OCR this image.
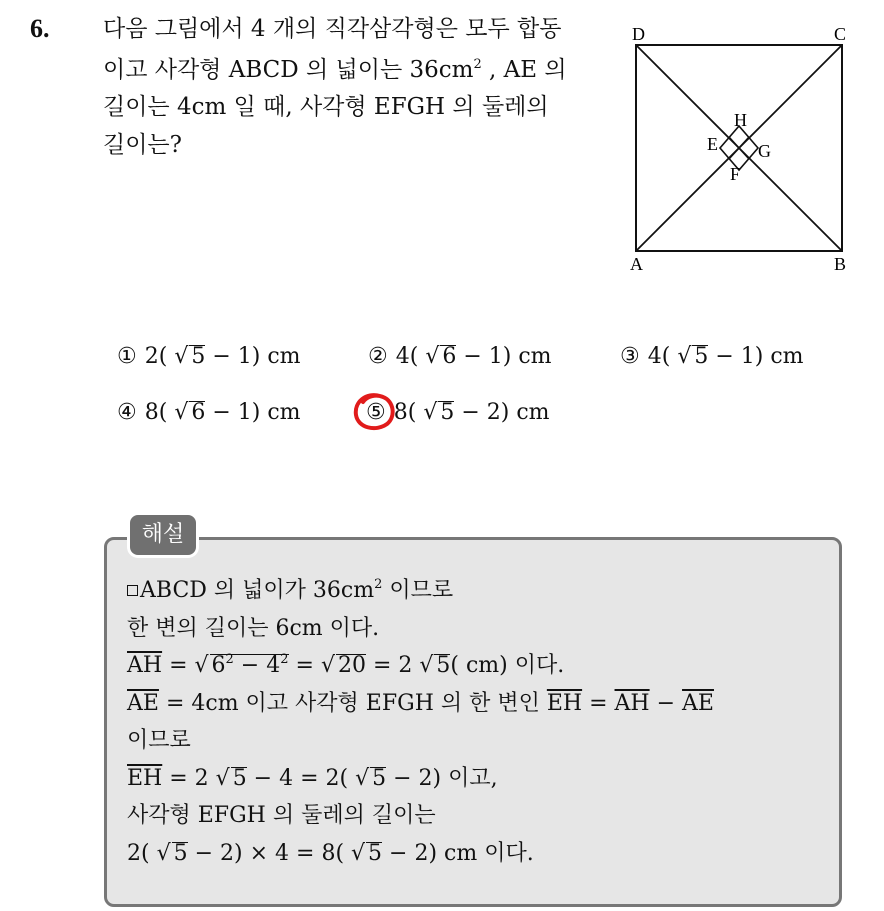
6. 다음 그림에서 4 개의 직각삼각형은 모두 합동
이고 사각형 ABCD 의 넓이는 $36cm^2$ , AE 의
길이는 4cm 일 때, 사각형 EFGH 의 둘레의
길이는?
D	C
A	B
H
E G
F
① 2( √ 5 − 1) cm	② 4( √ 6 − 1) cm	③ 4( √ 5 − 1) cm
④ 8( √ 6 − 1) cm	⑤ 8( √ 5 − 2) cm
해설
ABCD 의 넓이가 $36cm^2$ 이므로
한 변의 길이는 6cm 이다.
$\overline{AH}$ = √ $6^2 - 4^2$ = √ 20 = 2 √ 5( cm) 이다.
$\overline{AE} = 4cm$ 이고 사각형 EFGH 의 한 변인 $\overline{EH} = \overline{AH} - \overline{AE}$
이므로
$\overline{EH} = 2$ √ 5 − 4 = 2( √ 5 − 2) 이고,
사각형 EFGH 의 둘레의 길이는
2( √ 5 − 2) × 4 = 8( √ 5 − 2) cm 이다.
